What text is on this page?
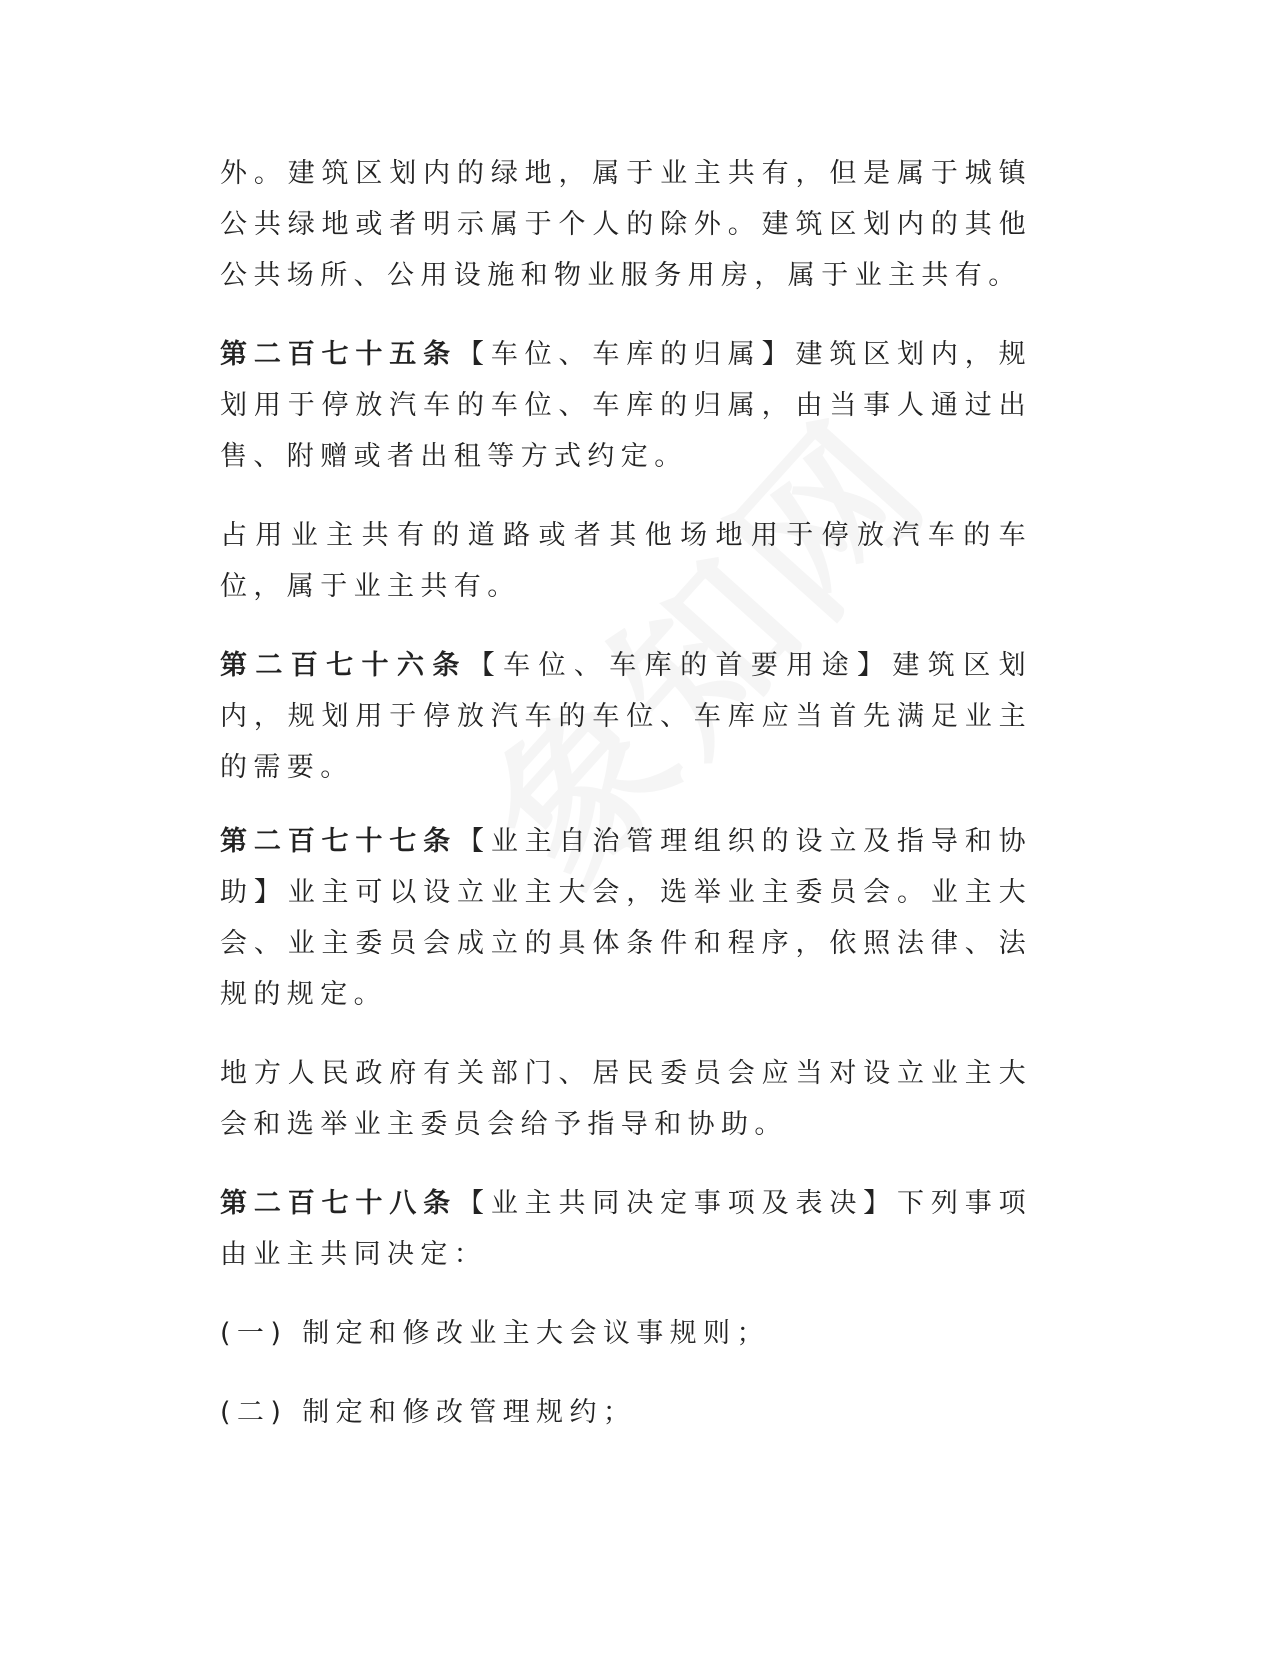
外。建筑区划内的绿地，属于业主共有，但是属于城镇公共绿地或者明示属于个人的除外。建筑区划内的其他公共场所、公用设施和物业服务用房，属于业主共有。

第二百七十五条【车位、车库的归属】建筑区划内，规划用于停放汽车的车位、车库的归属，由当事人通过出售、附赠或者出租等方式约定。

占用业主共有的道路或者其他场地用于停放汽车的车位，属于业主共有。

第二百七十六条【车位、车库的首要用途】建筑区划内，规划用于停放汽车的车位、车库应当首先满足业主的需要。

第二百七十七条【业主自治管理组织的设立及指导和协助】业主可以设立业主大会，选举业主委员会。业主大会、业主委员会成立的具体条件和程序，依照法律、法规的规定。

地方人民政府有关部门、居民委员会应当对设立业主大会和选举业主委员会给予指导和协助。

第二百七十八条【业主共同决定事项及表决】下列事项由业主共同决定：

(一) 制定和修改业主大会议事规则；

(二) 制定和修改管理规约；
